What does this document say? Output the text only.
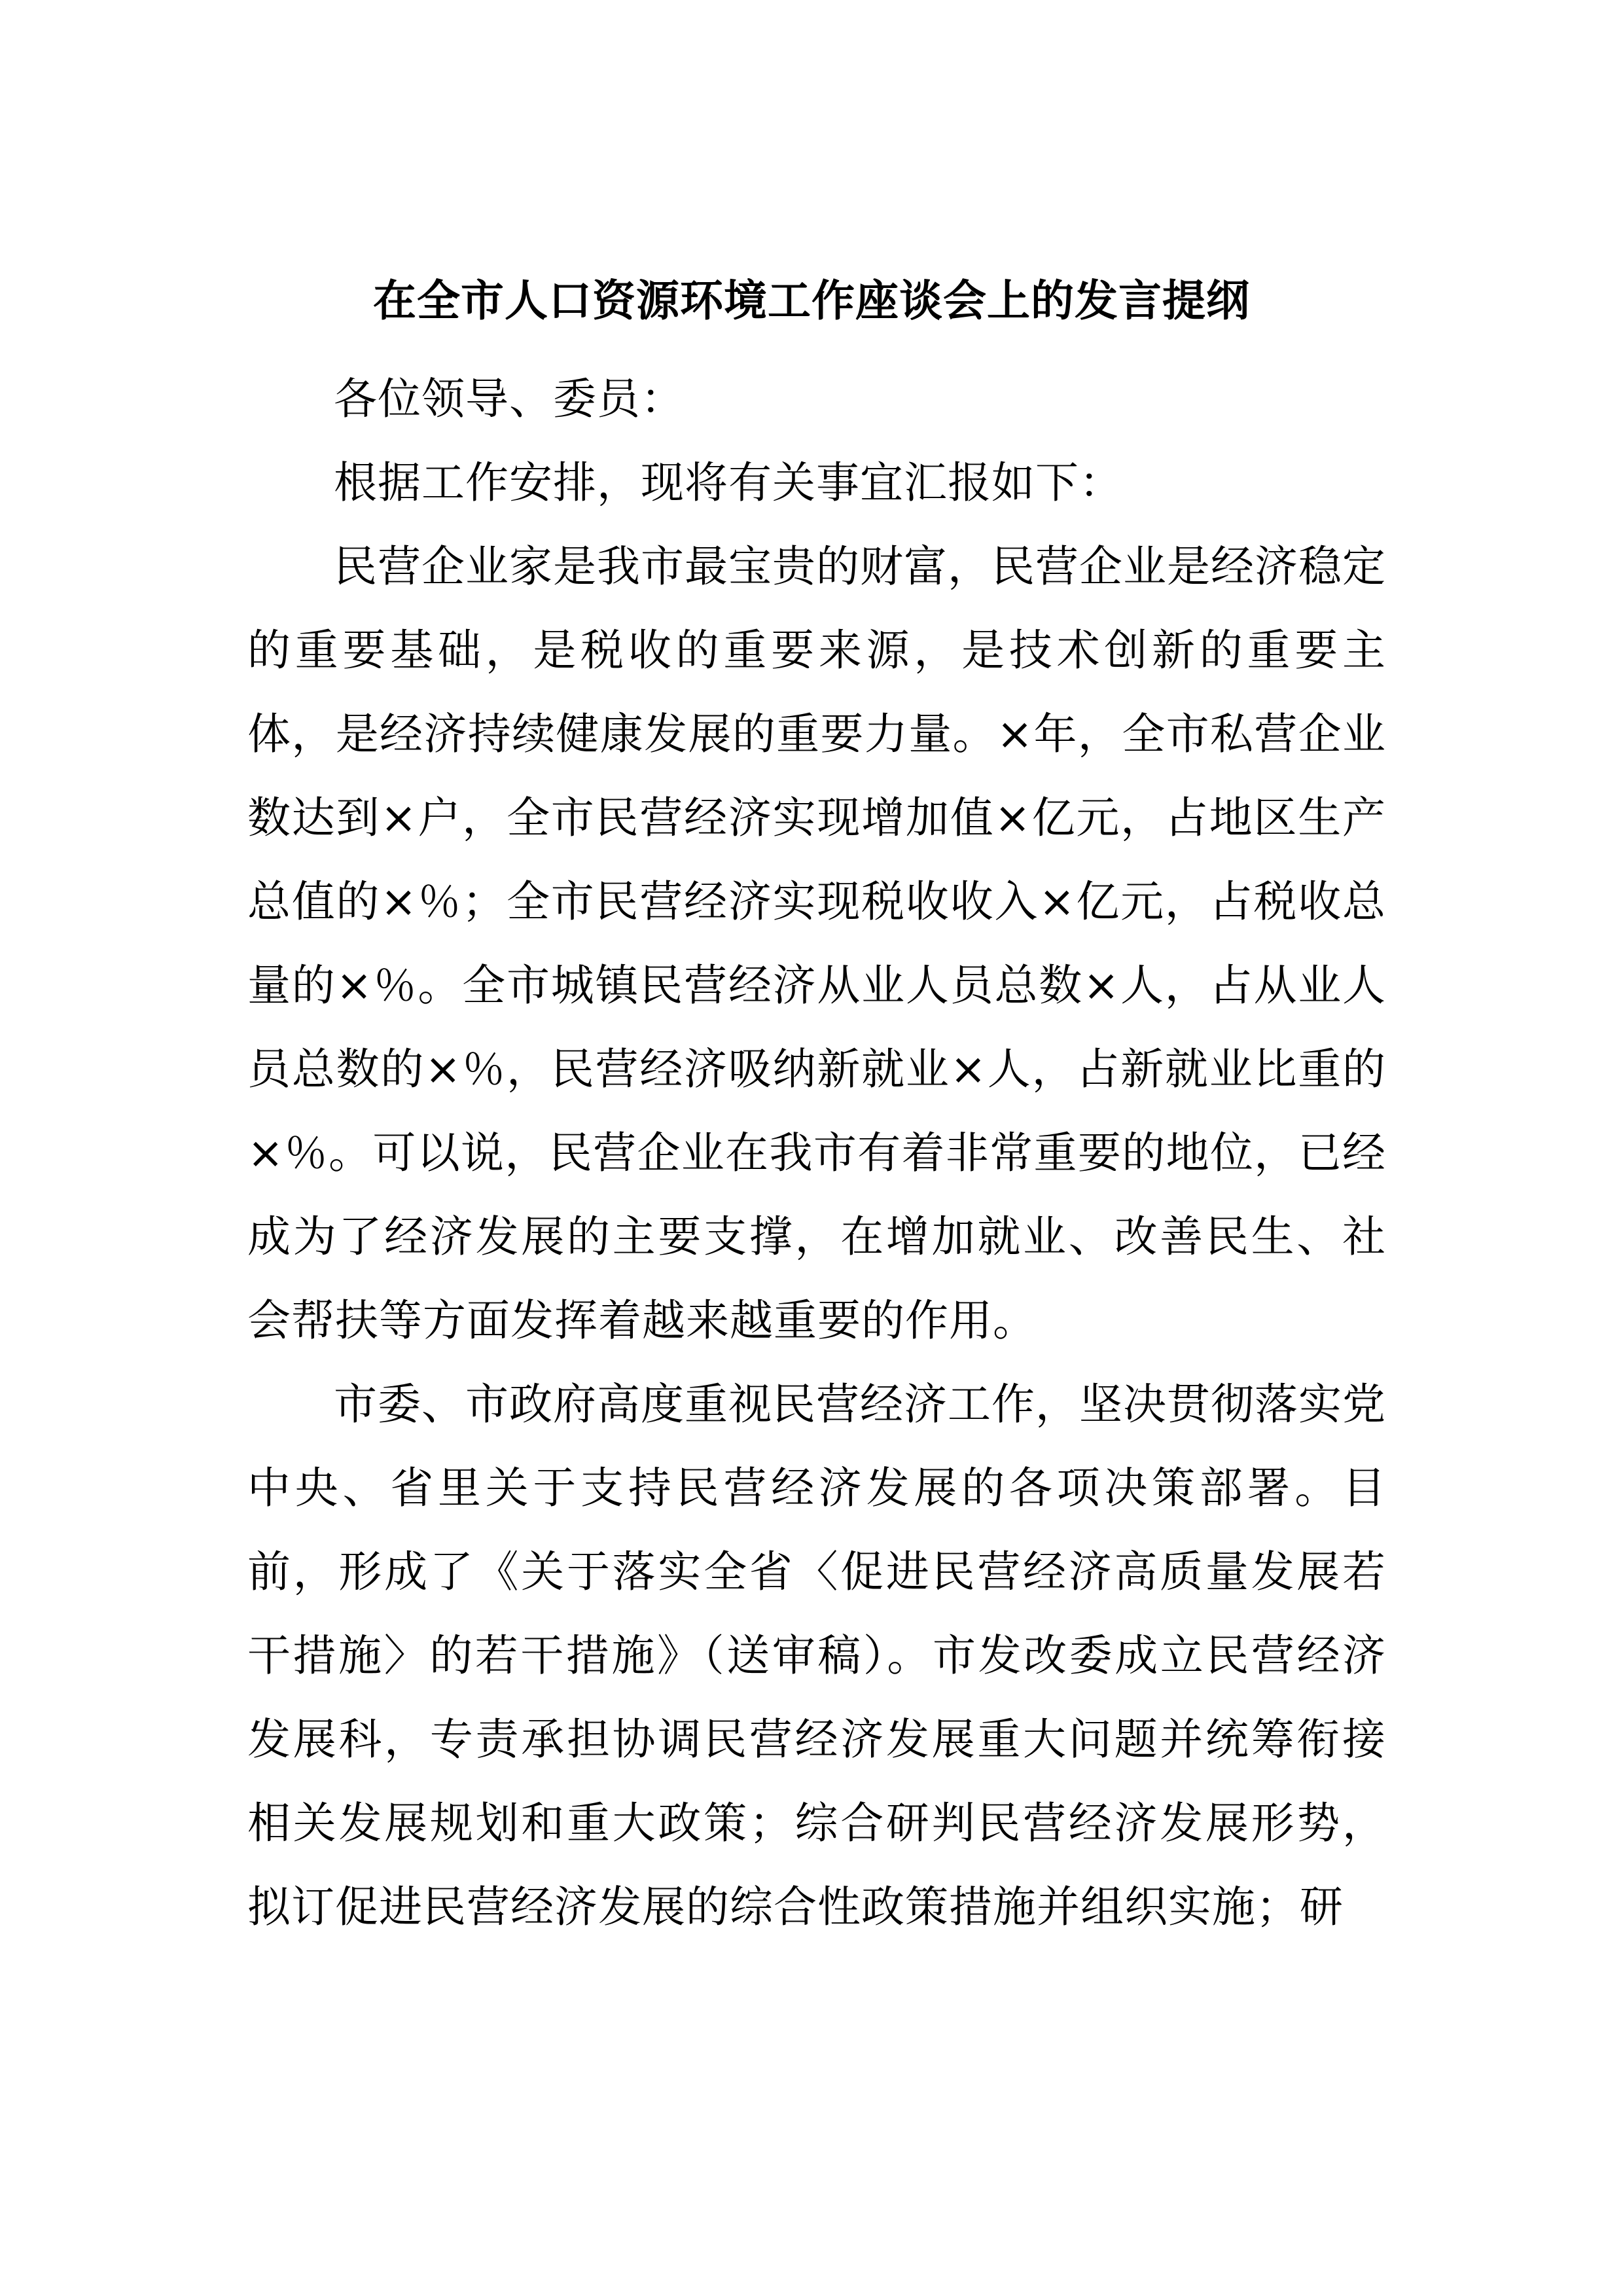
在全市人口资源环境工作座谈会上的发言提纲

各位领导、委员：

根据工作安排，现将有关事宜汇报如下：

民营企业家是我市最宝贵的财富，民营企业是经济稳定的重要基础，是税收的重要来源，是技术创新的重要主体，是经济持续健康发展的重要力量。×年，全市私营企业数达到×户，全市民营经济实现增加值×亿元，占地区生产总值的×％；全市民营经济实现税收收入×亿元，占税收总量的×％。全市城镇民营经济从业人员总数×人，占从业人员总数的×％，民营经济吸纳新就业×人，占新就业比重的×％。可以说，民营企业在我市有着非常重要的地位，已经成为了经济发展的主要支撑，在增加就业、改善民生、社会帮扶等方面发挥着越来越重要的作用。

市委、市政府高度重视民营经济工作，坚决贯彻落实党中央、省里关于支持民营经济发展的各项决策部署。目前，形成了《关于落实全省〈促进民营经济高质量发展若干措施〉的若干措施》（送审稿）。市发改委成立民营经济发展科，专责承担协调民营经济发展重大问题并统筹衔接相关发展规划和重大政策；综合研判民营经济发展形势，拟订促进民营经济发展的综合性政策措施并组织实施；研
